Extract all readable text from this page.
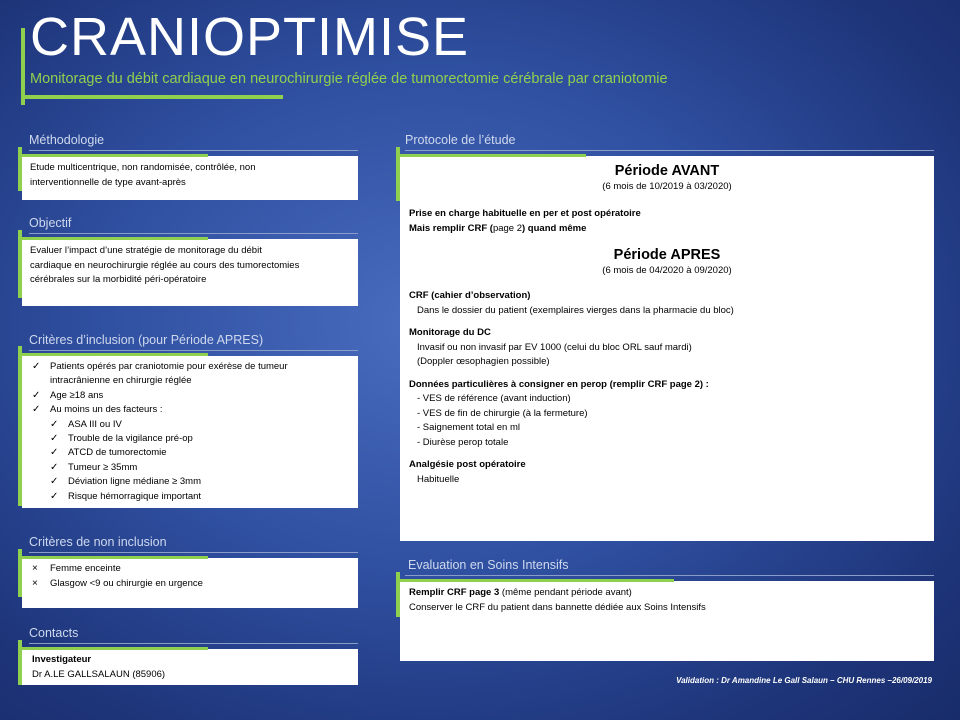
CRANIOPTIMISE
Monitorage du débit cardiaque en neurochirurgie réglée de tumorectomie cérébrale par craniotomie
Méthodologie
Etude multicentrique, non randomisée, contrôlée, non
interventionnelle de type avant-après
Objectif
Evaluer l’impact d’une stratégie de monitorage du débit
cardiaque en neurochirurgie réglée au cours des tumorectomies
cérébrales sur la morbidité péri-opératoire
Critères d’inclusion (pour Période APRES)
✓	Patients opérés par craniotomie pour exérèse de tumeur
intracrânienne en chirurgie réglée
✓	Age ≥18 ans
✓	Au moins un des facteurs :
✓	ASA III ou IV
✓	Trouble de la vigilance pré-op
✓	ATCD de tumorectomie
✓	Tumeur ≥ 35mm
✓	Déviation ligne médiane ≥ 3mm
✓	Risque hémorragique important
Critères de non inclusion
×	Femme enceinte
×	Glasgow <9 ou chirurgie en urgence
Contacts
Investigateur
Dr A.LE GALLSALAUN (85906)
Protocole de l’étude
Période AVANT
(6 mois de 10/2019 à 03/2020)
Prise en charge habituelle en per et post opératoire
Mais remplir CRF (page 2) quand même
Période APRES
(6 mois de 04/2020 à 09/2020)
CRF (cahier d’observation)
Dans le dossier du patient (exemplaires vierges dans la pharmacie du bloc)
Monitorage du DC
Invasif ou non invasif par EV 1000 (celui du bloc ORL sauf mardi)
(Doppler œsophagien possible)
Données particulières à consigner en perop (remplir CRF page 2) :
- VES de référence (avant induction)
- VES de fin de chirurgie (à la fermeture)
- Saignement total en ml
- Diurèse perop totale
Analgésie post opératoire
Habituelle
Evaluation en Soins Intensifs
Remplir CRF page 3 (même pendant période avant)
Conserver le CRF du patient dans bannette dédiée aux Soins Intensifs
Validation : Dr Amandine Le Gall Salaun – CHU Rennes –26/09/2019
